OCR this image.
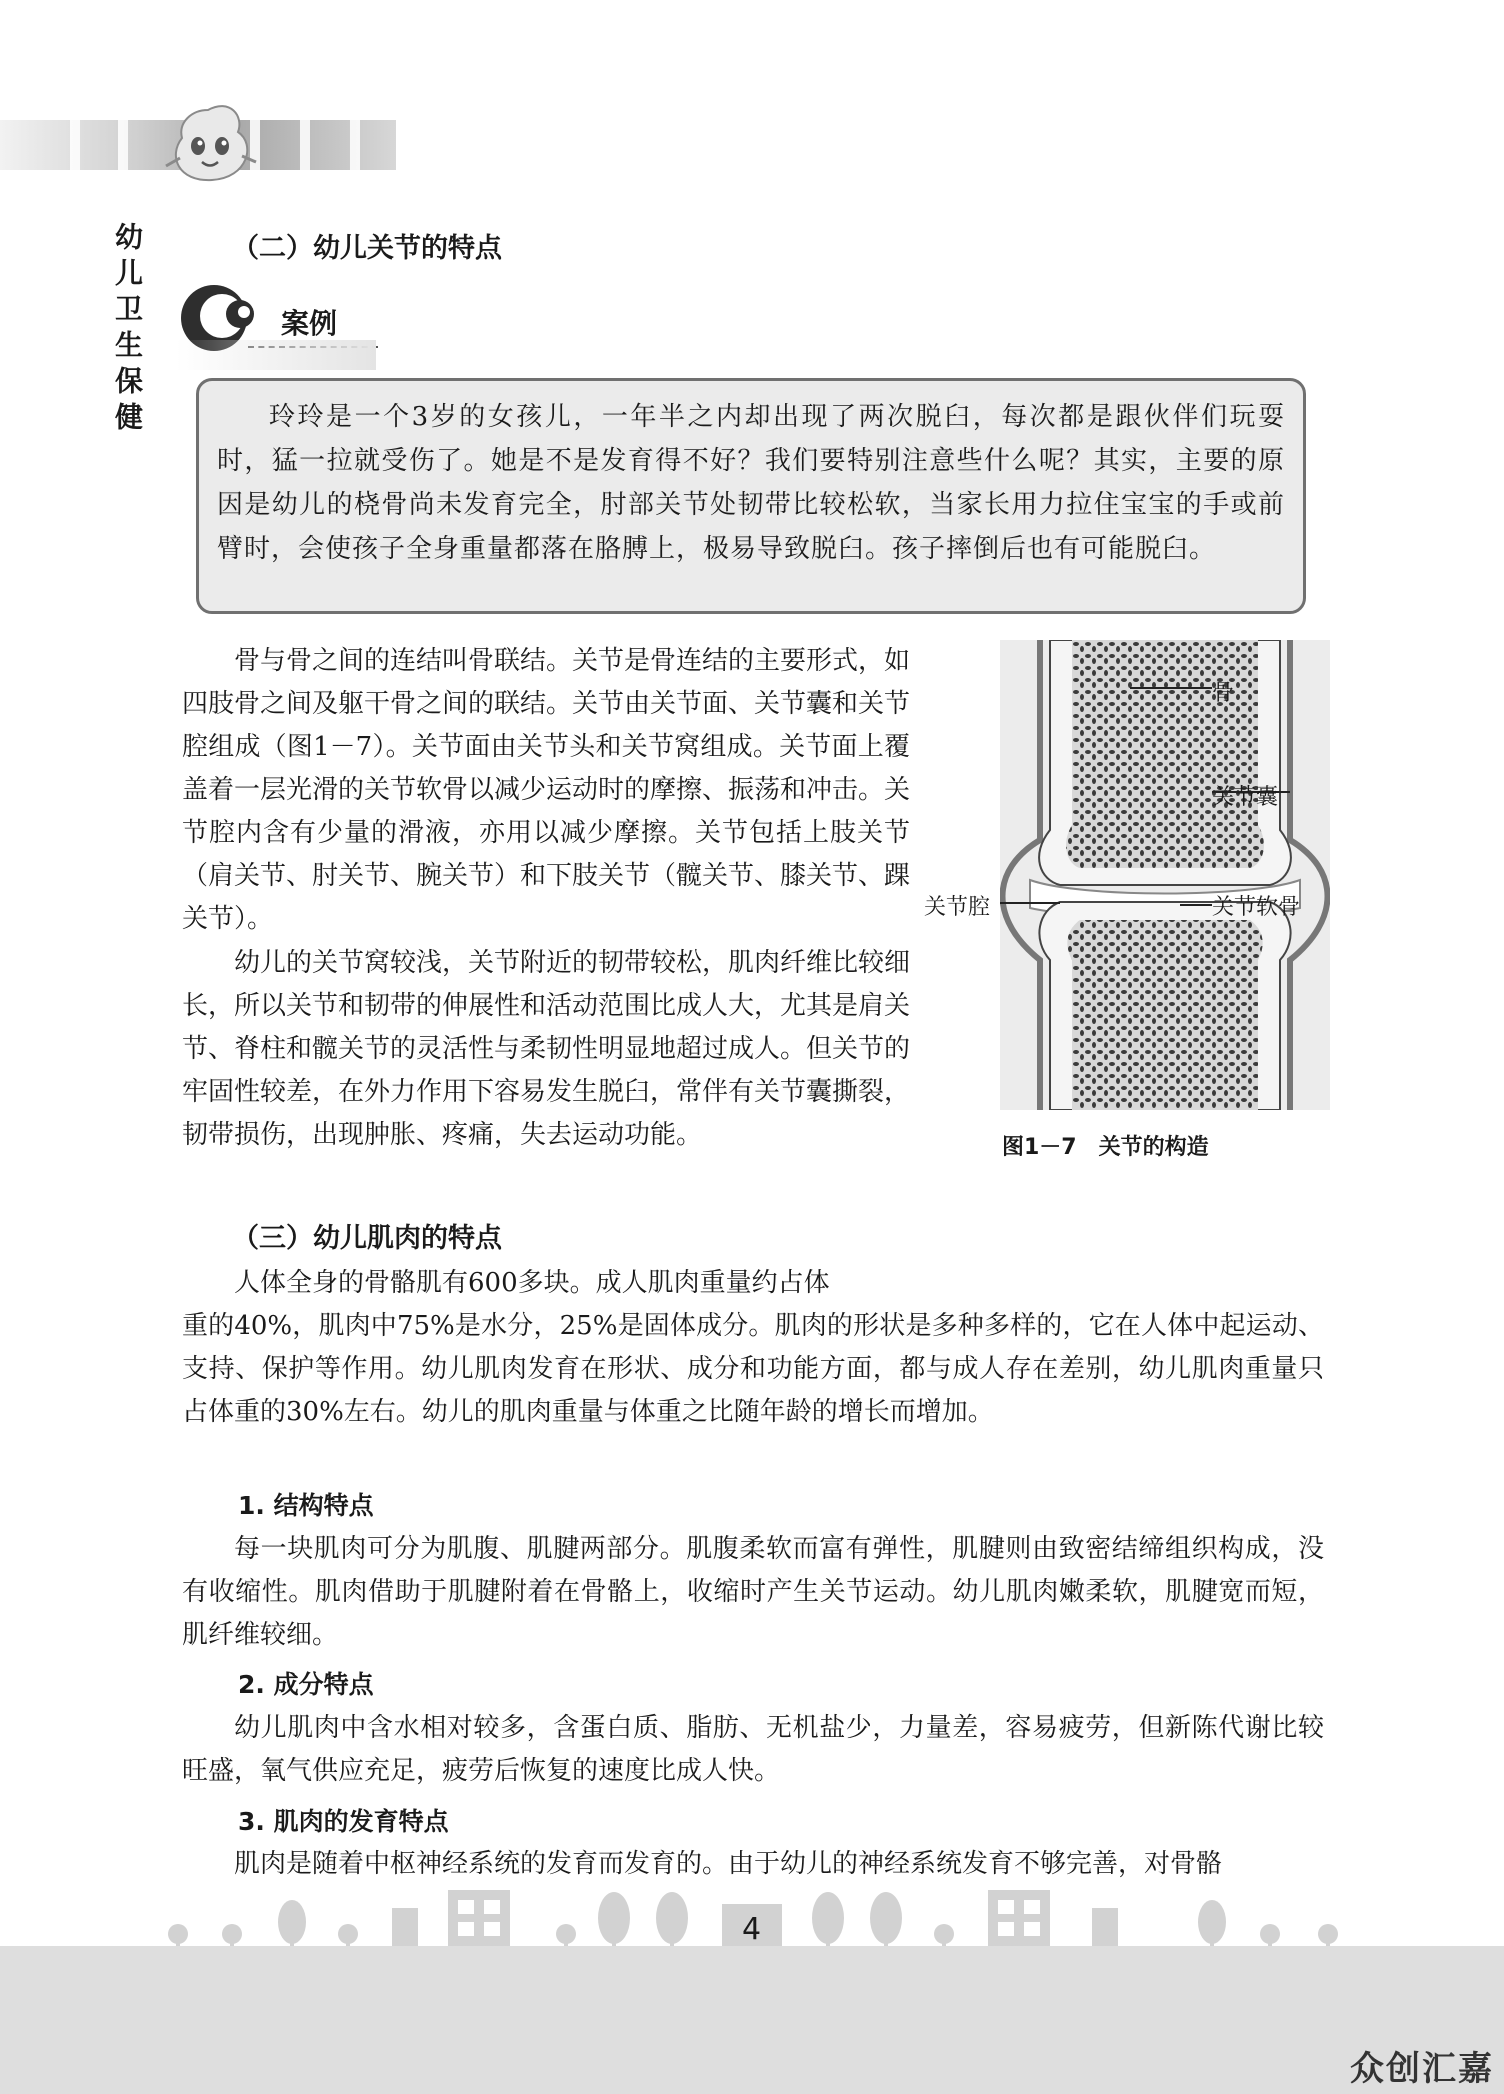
幼儿卫生保健	（二）幼儿关节的特点
案例
玲玲是一个3岁的女孩儿，一年半之内却出现了两次脱臼，每次都是跟伙伴们玩耍时，猛一拉就受伤了。她是不是发育得不好？我们要特别注意些什么呢？其实，主要的原因是幼儿的桡骨尚未发育完全，肘部关节处韧带比较松软，当家长用力拉住宝宝的手或前臂时，会使孩子全身重量都落在胳膊上，极易导致脱臼。孩子摔倒后也有可能脱臼。
骨与骨之间的连结叫骨联结。关节是骨连结的主要形式，如四肢骨之间及躯干骨之间的联结。关节由关节面、关节囊和关节腔组成（图1－7）。关节面由关节头和关节窝组成。关节面上覆盖着一层光滑的关节软骨以减少运动时的摩擦、振荡和冲击。关节腔内含有少量的滑液，亦用以减少摩擦。关节包括上肢关节（肩关节、肘关节、腕关节）和下肢关节（髋关节、膝关节、踝关节）。
幼儿的关节窝较浅，关节附近的韧带较松，肌肉纤维比较细长，所以关节和韧带的伸展性和活动范围比成人大，尤其是肩关节、脊柱和髋关节的灵活性与柔韧性明显地超过成人。但关节的牢固性较差，在外力作用下容易发生脱臼，常伴有关节囊撕裂，韧带损伤，出现肿胀、疼痛，失去运动功能。
骨
关节囊
关节腔	关节软骨
图1－7　关节的构造
（三）幼儿肌肉的特点
人体全身的骨骼肌有600多块。成人肌肉重量约占体
重的40%，肌肉中75%是水分，25%是固体成分。肌肉的形状是多种多样的，它在人体中起运动、支持、保护等作用。幼儿肌肉发育在形状、成分和功能方面，都与成人存在差别，幼儿肌肉重量只占体重的30%左右。幼儿的肌肉重量与体重之比随年龄的增长而增加。
1. 结构特点
每一块肌肉可分为肌腹、肌腱两部分。肌腹柔软而富有弹性，肌腱则由致密结缔组织构成，没有收缩性。肌肉借助于肌腱附着在骨骼上，收缩时产生关节运动。幼儿肌肉嫩柔软，肌腱宽而短，肌纤维较细。
2. 成分特点
幼儿肌肉中含水相对较多，含蛋白质、脂肪、无机盐少，力量差，容易疲劳，但新陈代谢比较旺盛，氧气供应充足，疲劳后恢复的速度比成人快。
3. 肌肉的发育特点
肌肉是随着中枢神经系统的发育而发育的。由于幼儿的神经系统发育不够完善，对骨骼
4
众创汇嘉
